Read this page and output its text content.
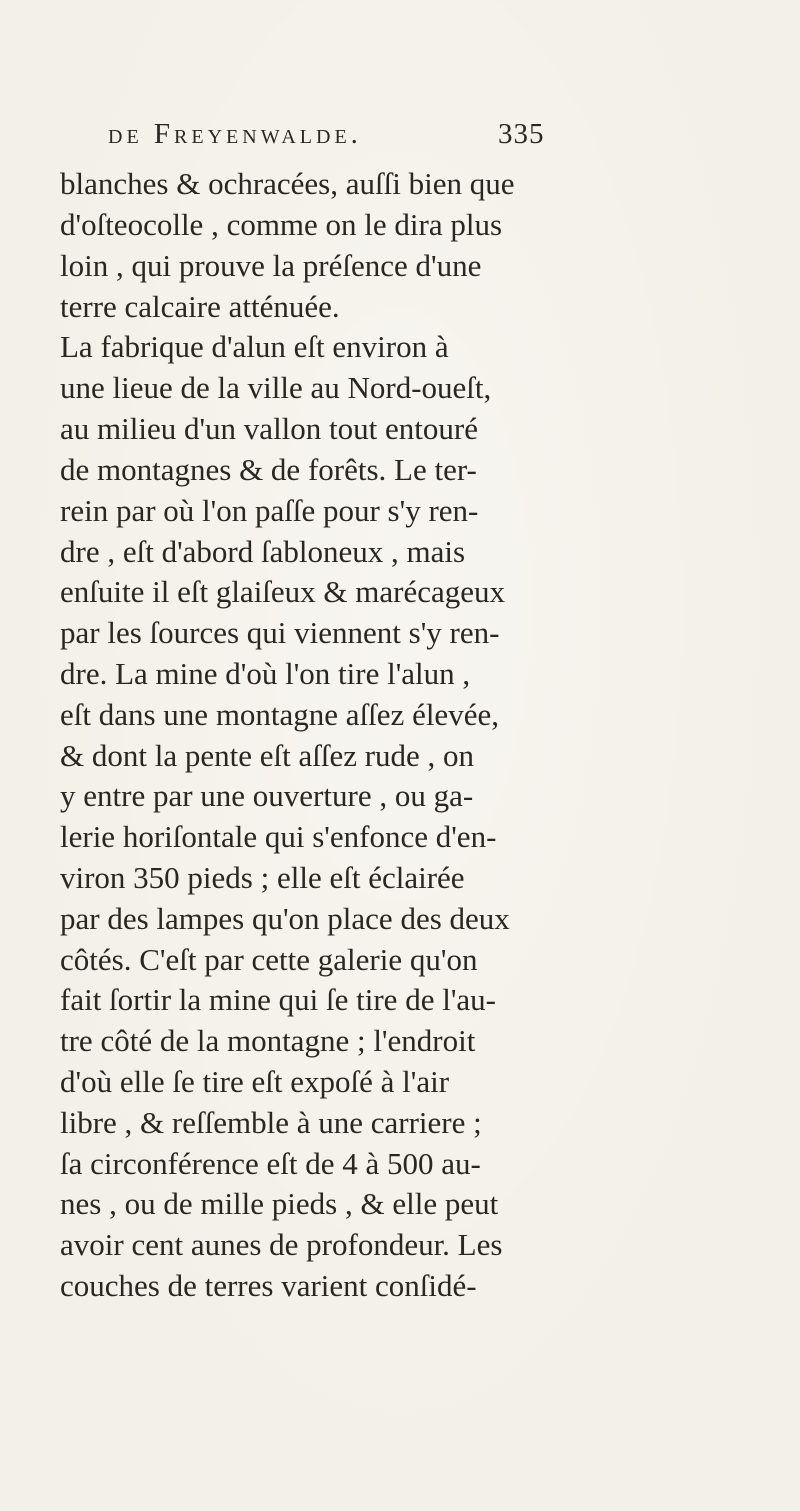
de Freyenwalde.	335
blanches & ochracées, auſſi bien que
d'oſteocolle , comme on le dira plus
loin , qui prouve la préſence d'une
terre calcaire atténuée.
La fabrique d'alun eſt environ à
une lieue de la ville au Nord-oueſt,
au milieu d'un vallon tout entouré
de montagnes & de forêts. Le ter-
rein par où l'on paſſe pour s'y ren-
dre , eſt d'abord ſabloneux , mais
enſuite il eſt glaiſeux & marécageux
par les ſources qui viennent s'y ren-
dre. La mine d'où l'on tire l'alun ,
eſt dans une montagne aſſez élevée,
& dont la pente eſt aſſez rude , on
y entre par une ouverture , ou ga-
lerie horiſontale qui s'enfonce d'en-
viron 350 pieds ; elle eſt éclairée
par des lampes qu'on place des deux
côtés. C'eſt par cette galerie qu'on
fait ſortir la mine qui ſe tire de l'au-
tre côté de la montagne ; l'endroit
d'où elle ſe tire eſt expoſé à l'air
libre , & reſſemble à une carriere ;
ſa circonférence eſt de 4 à 500 au-
nes , ou de mille pieds , & elle peut
avoir cent aunes de profondeur. Les
couches de terres varient conſidé-
